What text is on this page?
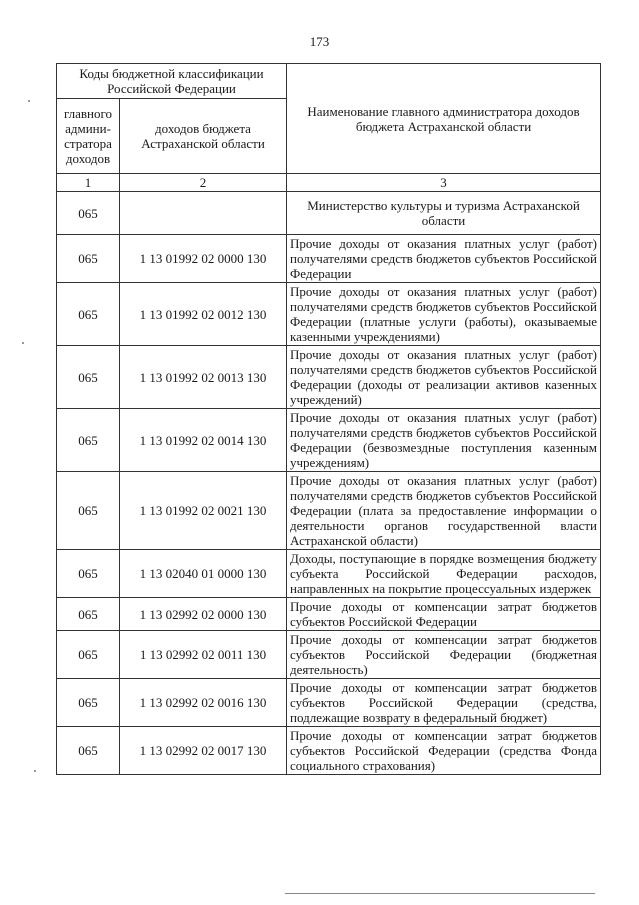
173
Коды бюджетной классификации Российской Федерации		Наименование главного администратора доходов бюджета Астраханской области
главного админи-стратора доходов	доходов бюджета Астраханской области	
1	2	3
065		Министерство культуры и туризма Астраханской области
065	1 13 01992 02 0000 130	Прочие доходы от оказания платных услуг (работ) получателями средств бюджетов субъектов Российской Федерации
065	1 13 01992 02 0012 130	Прочие доходы от оказания платных услуг (работ) получателями средств бюджетов субъектов Российской Федерации (платные услуги (работы), оказываемые казенными учреждениями)
065	1 13 01992 02 0013 130	Прочие доходы от оказания платных услуг (работ) получателями средств бюджетов субъектов Российской Федерации (доходы от реализации активов казенных учреждений)
065	1 13 01992 02 0014 130	Прочие доходы от оказания платных услуг (работ) получателями средств бюджетов субъектов Российской Федерации (безвозмездные поступления казенным учреждениям)
065	1 13 01992 02 0021 130	Прочие доходы от оказания платных услуг (работ) получателями средств бюджетов субъектов Российской Федерации (плата за предоставление информации о деятельности органов государственной власти Астраханской области)
065	1 13 02040 01 0000 130	Доходы, поступающие в порядке возмещения бюджету субъекта Российской Федерации расходов, направленных на покрытие процессуальных издержек
065	1 13 02992 02 0000 130	Прочие доходы от компенсации затрат бюджетов субъектов Российской Федерации
065	1 13 02992 02 0011 130	Прочие доходы от компенсации затрат бюджетов субъектов Российской Федерации (бюджетная деятельность)
065	1 13 02992 02 0016 130	Прочие доходы от компенсации затрат бюджетов субъектов Российской Федерации (средства, подлежащие возврату в федеральный бюджет)
065	1 13 02992 02 0017 130	Прочие доходы от компенсации затрат бюджетов субъектов Российской Федерации (средства Фонда социального страхования)
